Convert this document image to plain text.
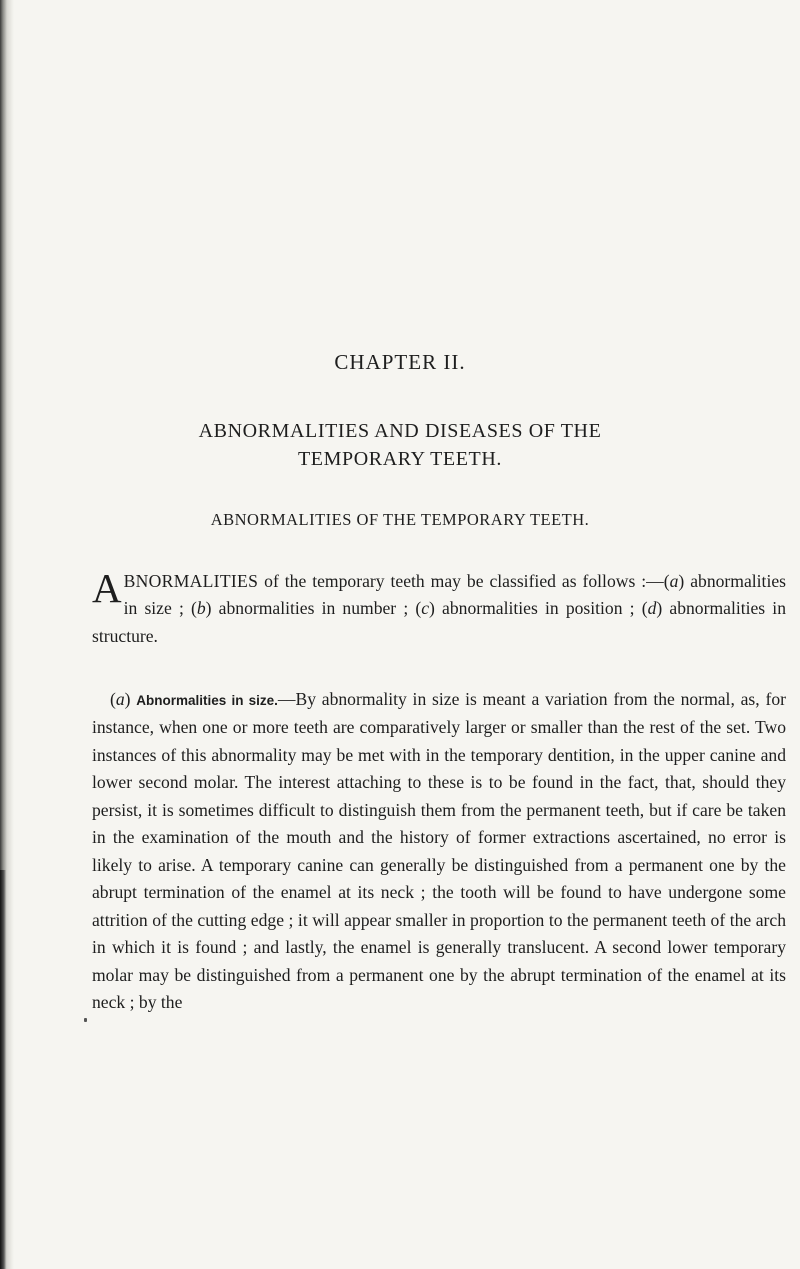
CHAPTER II.
ABNORMALITIES AND DISEASES OF THE
TEMPORARY TEETH.
ABNORMALITIES OF THE TEMPORARY TEETH.

ABNORMALITIES of the temporary teeth may be classified as follows :—(a) abnormalities in size ; (b) abnormalities in number ; (c) abnormalities in position ; (d) abnormalities in structure.

(a) Abnormalities in size.—By abnormality in size is meant a variation from the normal, as, for instance, when one or more teeth are comparatively larger or smaller than the rest of the set. Two instances of this abnormality may be met with in the temporary dentition, in the upper canine and lower second molar. The interest attaching to these is to be found in the fact, that, should they persist, it is sometimes difficult to distinguish them from the permanent teeth, but if care be taken in the examination of the mouth and the history of former extractions ascertained, no error is likely to arise. A temporary canine can generally be distinguished from a permanent one by the abrupt termination of the enamel at its neck ; the tooth will be found to have undergone some attrition of the cutting edge ; it will appear smaller in proportion to the permanent teeth of the arch in which it is found ; and lastly, the enamel is generally translucent. A second lower temporary molar may be distinguished from a permanent one by the abrupt termination of the enamel at its neck ; by the
